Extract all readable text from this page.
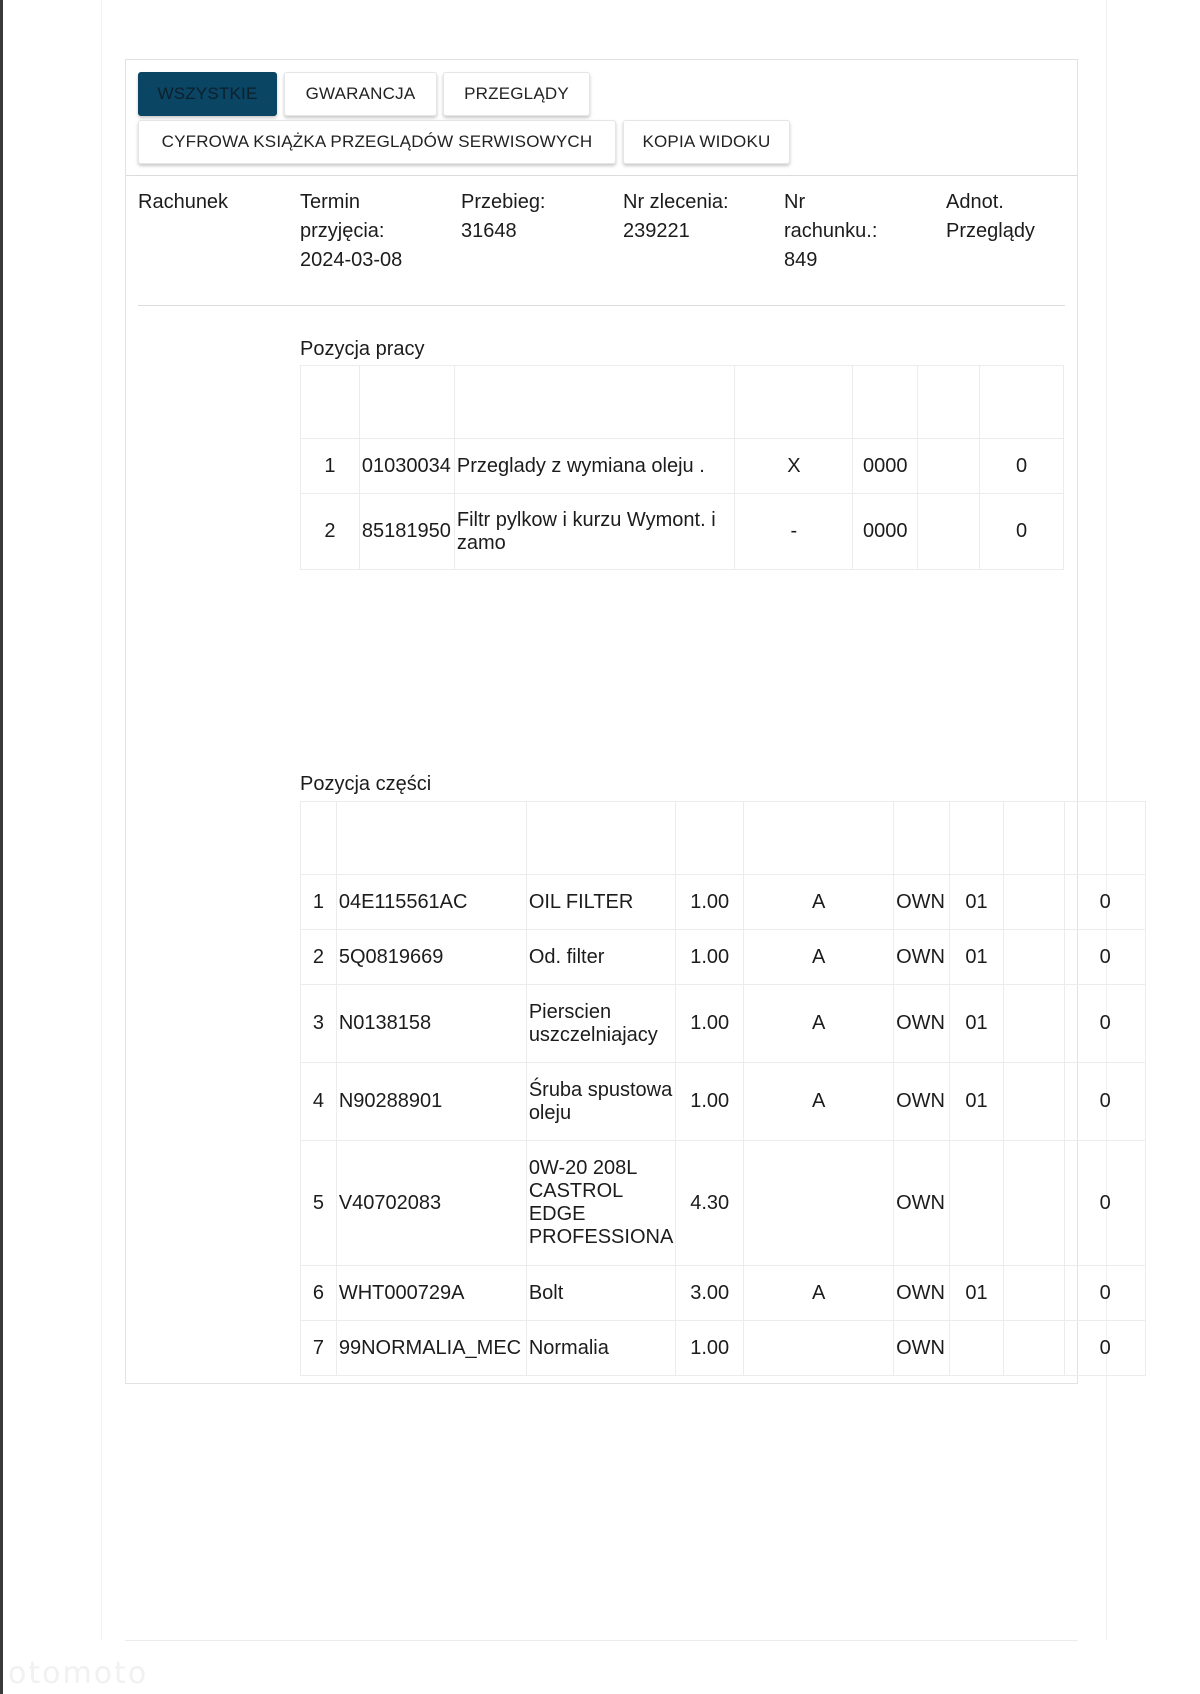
WSZYSTKIE	GWARANCJA	PRZEGLĄDY
CYFROWA KSIĄŻKA PRZEGLĄDÓW SERWISOWYCH	KOPIA WIDOKU
Rachunek	Termin
przyjęcia:
2024-03-08
Przebieg:
31648
Nr zlecenia:
239221
Nr
rachunku.:
849
Adnot.
Przeglądy
Pozycja pracy

1	01030034	Przeglady z wymiana oleju .	X	0000		0
2	85181950	Filtr pylkow i kurzu Wymont. i zamo	-	0000		0
Pozycja części

1	04E115561AC	OIL FILTER	1.00	A	OWN	01		0
2	5Q0819669	Od. filter	1.00	A	OWN	01		0
3	N0138158	Pierscien uszczelniajacy	1.00	A	OWN	01		0
4	N90288901	Śruba spustowa oleju	1.00	A	OWN	01		0
5	V40702083	0W-20 208L CASTROL EDGE PROFESSIONA	4.30		OWN			0
6	WHT000729A	Bolt	3.00	A	OWN	01		0
7	99NORMALIA_MEC	Normalia	1.00		OWN			0
otomoto
